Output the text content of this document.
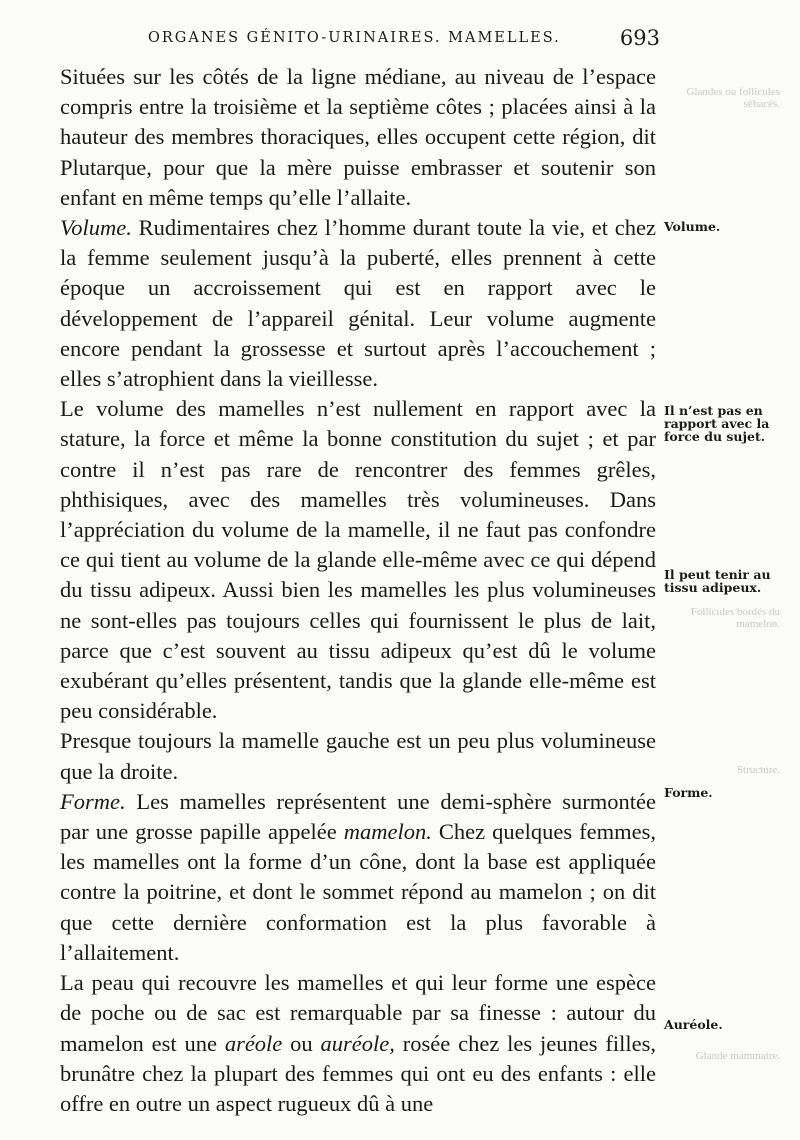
ORGANES GÉNITO-URINAIRES. MAMELLES.	693

Situées sur les côtés de la ligne médiane, au niveau de l’espace compris entre la troisième et la septième côtes ; placées ainsi à la hauteur des membres thoraciques, elles occupent cette région, dit Plutarque, pour que la mère puisse embrasser et soutenir son enfant en même temps qu’elle l’allaite.

Volume. Rudimentaires chez l’homme durant toute la vie, et chez la femme seulement jusqu’à la puberté, elles prennent à cette époque un accroissement qui est en rapport avec le développement de l’appareil génital. Leur volume augmente encore pendant la grossesse et surtout après l’accouchement ; elles s’atrophient dans la vieillesse.

Le volume des mamelles n’est nullement en rapport avec la stature, la force et même la bonne constitution du sujet ; et par contre il n’est pas rare de rencontrer des femmes grêles, phthisiques, avec des mamelles très volumineuses. Dans l’appréciation du volume de la mamelle, il ne faut pas confondre ce qui tient au volume de la glande elle-même avec ce qui dépend du tissu adipeux. Aussi bien les mamelles les plus volumineuses ne sont-elles pas toujours celles qui fournissent le plus de lait, parce que c’est souvent au tissu adipeux qu’est dû le volume exubérant qu’elles présentent, tandis que la glande elle-même est peu considérable.

Presque toujours la mamelle gauche est un peu plus volumineuse que la droite.

Forme. Les mamelles représentent une demi-sphère surmontée par une grosse papille appelée mamelon. Chez quelques femmes, les mamelles ont la forme d’un cône, dont la base est appliquée contre la poitrine, et dont le sommet répond au mamelon ; on dit que cette dernière conformation est la plus favorable à l’allaitement.

La peau qui recouvre les mamelles et qui leur forme une espèce de poche ou de sac est remarquable par sa finesse : autour du mamelon est une aréole ou auréole, rosée chez les jeunes filles, brunâtre chez la plupart des femmes qui ont eu des enfants : elle offre en outre un aspect rugueux dû à une

Volume.
Il n’est pas en rapport avec la force du sujet.
Il peut tenir au tissu adipeux.
Forme.
Auréole.
Glandes ou follicules sébacés.
Follicules bordés du mamelon.
Structure.
Glande mammaire.
